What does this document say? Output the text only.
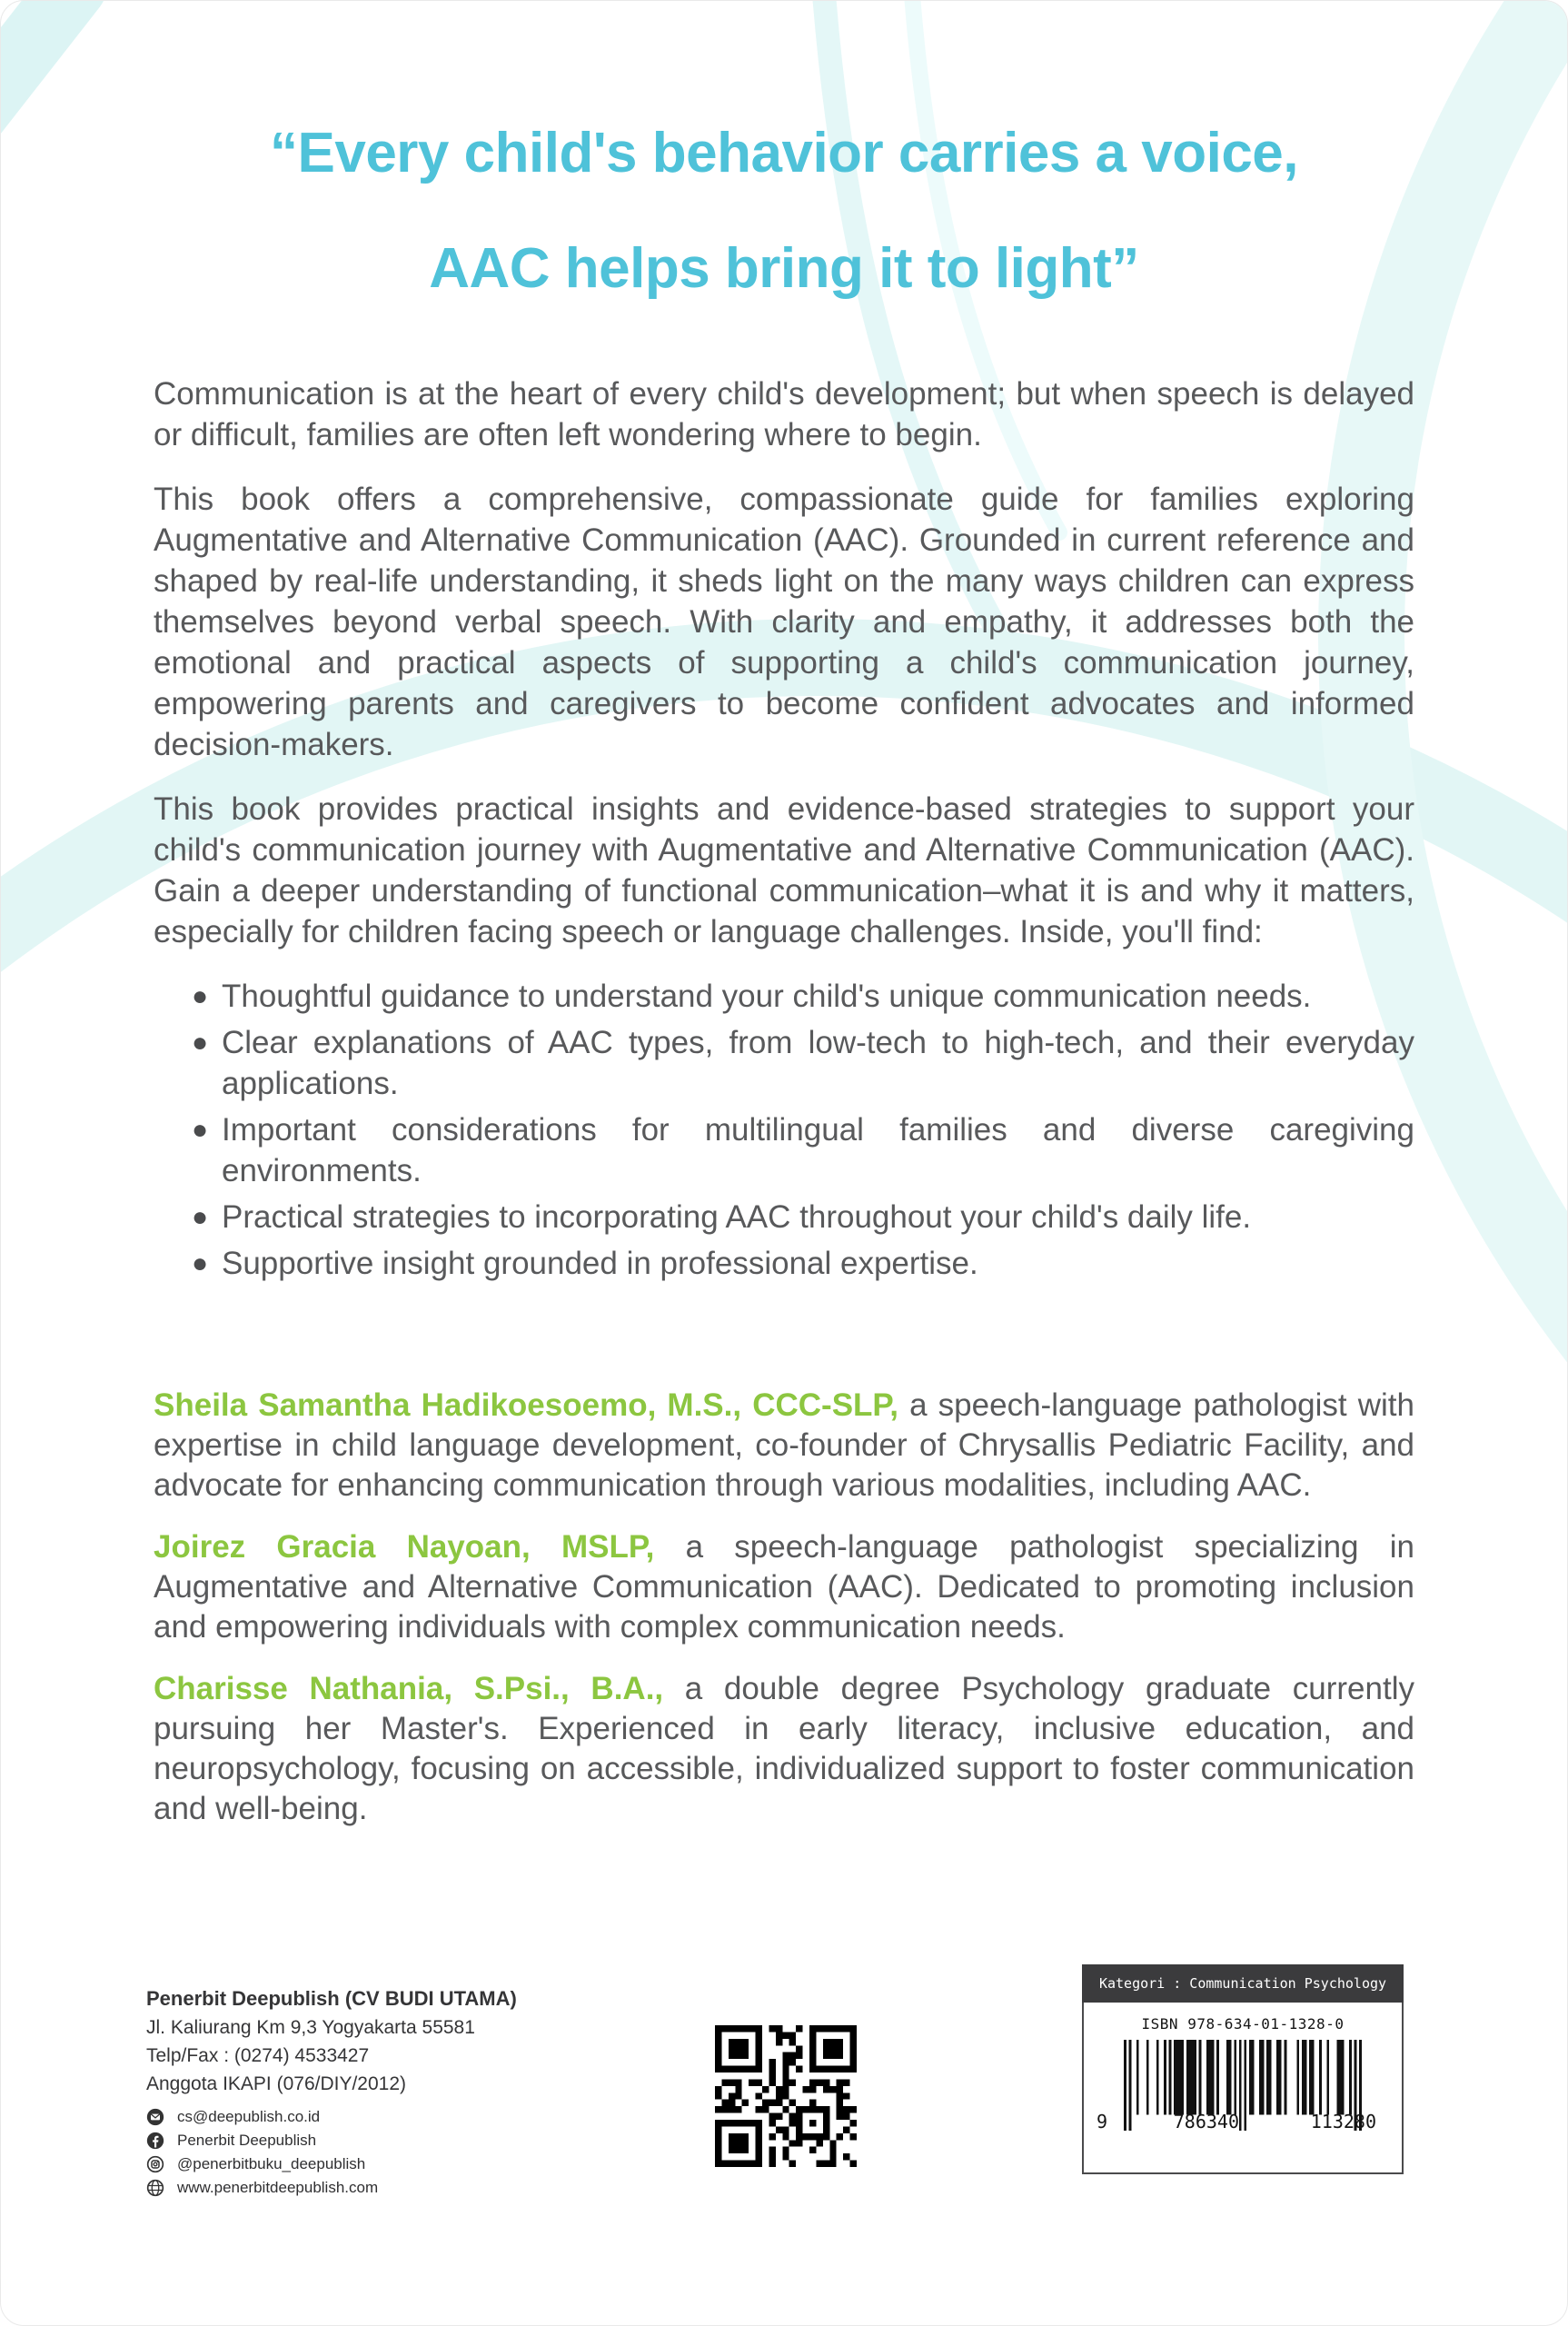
“Every child's behavior carries a voice,
AAC helps bring it to light”

Communication is at the heart of every child's development; but when speech is delayed or difficult, families are often left wondering where to begin.

This book offers a comprehensive, compassionate guide for families exploring Augmentative and Alternative Communication (AAC). Grounded in current reference and shaped by real-life understanding, it sheds light on the many ways children can express themselves beyond verbal speech. With clarity and empathy, it addresses both the emotional and practical aspects of supporting a child's communication journey, empowering parents and caregivers to become confident advocates and informed decision-makers.

This book provides practical insights and evidence-based strategies to support your child's communication journey with Augmentative and Alternative Communication (AAC). Gain a deeper understanding of functional communication–what it is and why it matters, especially for children facing speech or language challenges. Inside, you'll find:

● Thoughtful guidance to understand your child's unique communication needs.
● Clear explanations of AAC types, from low-tech to high-tech, and their everyday applications.
● Important considerations for multilingual families and diverse caregiving environments.
● Practical strategies to incorporating AAC throughout your child's daily life.
● Supportive insight grounded in professional expertise.

Sheila Samantha Hadikoesoemo, M.S., CCC-SLP, a speech-language pathologist with expertise in child language development, co-founder of Chrysallis Pediatric Facility, and advocate for enhancing communication through various modalities, including AAC.

Joirez Gracia Nayoan, MSLP, a speech-language pathologist specializing in Augmentative and Alternative Communication (AAC). Dedicated to promoting inclusion and empowering individuals with complex communication needs.

Charisse Nathania, S.Psi., B.A., a double degree Psychology graduate currently pursuing her Master's. Experienced in early literacy, inclusive education, and neuropsychology, focusing on accessible, individualized support to foster communication and well-being.

Penerbit Deepublish (CV BUDI UTAMA)
Jl. Kaliurang Km 9,3 Yogyakarta 55581
Telp/Fax : (0274) 4533427
Anggota IKAPI (076/DIY/2012)
cs@deepublish.co.id
Penerbit Deepublish
@penerbitbuku_deepublish
www.penerbitdeepublish.com
Kategori : Communication Psychology
ISBN 978-634-01-1328-0
9	786340	113280
